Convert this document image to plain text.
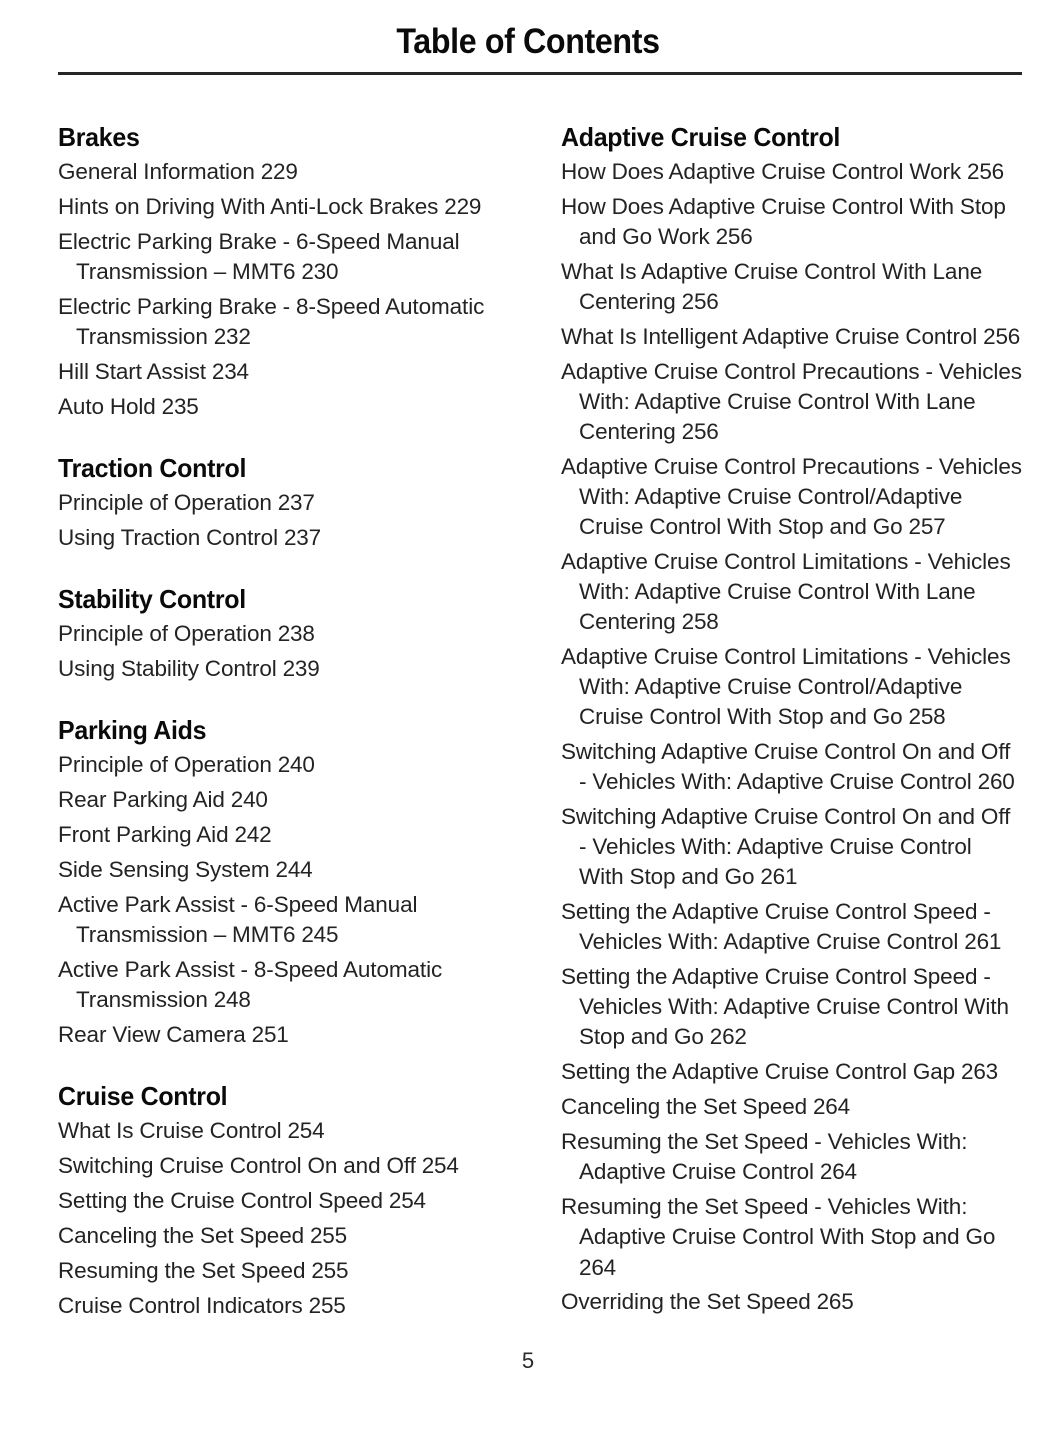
Table of Contents
Brakes
General Information 229
Hints on Driving With Anti-Lock Brakes 229
Electric Parking Brake - 6-Speed Manual Transmission – MMT6 230
Electric Parking Brake - 8-Speed Automatic Transmission 232
Hill Start Assist 234
Auto Hold 235
Traction Control
Principle of Operation 237
Using Traction Control 237
Stability Control
Principle of Operation 238
Using Stability Control 239
Parking Aids
Principle of Operation 240
Rear Parking Aid 240
Front Parking Aid 242
Side Sensing System 244
Active Park Assist - 6-Speed Manual Transmission – MMT6 245
Active Park Assist - 8-Speed Automatic Transmission 248
Rear View Camera 251
Cruise Control
What Is Cruise Control 254
Switching Cruise Control On and Off 254
Setting the Cruise Control Speed 254
Canceling the Set Speed 255
Resuming the Set Speed 255
Cruise Control Indicators 255
Adaptive Cruise Control
How Does Adaptive Cruise Control Work 256
How Does Adaptive Cruise Control With Stop and Go Work 256
What Is Adaptive Cruise Control With Lane Centering 256
What Is Intelligent Adaptive Cruise Control 256
Adaptive Cruise Control Precautions - Vehicles With: Adaptive Cruise Control With Lane Centering 256
Adaptive Cruise Control Precautions - Vehicles With: Adaptive Cruise Control/Adaptive Cruise Control With Stop and Go 257
Adaptive Cruise Control Limitations - Vehicles With: Adaptive Cruise Control With Lane Centering 258
Adaptive Cruise Control Limitations - Vehicles With: Adaptive Cruise Control/Adaptive Cruise Control With Stop and Go 258
Switching Adaptive Cruise Control On and Off - Vehicles With: Adaptive Cruise Control 260
Switching Adaptive Cruise Control On and Off - Vehicles With: Adaptive Cruise Control With Stop and Go 261
Setting the Adaptive Cruise Control Speed - Vehicles With: Adaptive Cruise Control 261
Setting the Adaptive Cruise Control Speed - Vehicles With: Adaptive Cruise Control With Stop and Go 262
Setting the Adaptive Cruise Control Gap 263
Canceling the Set Speed 264
Resuming the Set Speed - Vehicles With: Adaptive Cruise Control 264
Resuming the Set Speed - Vehicles With: Adaptive Cruise Control With Stop and Go 264
Overriding the Set Speed 265
5
